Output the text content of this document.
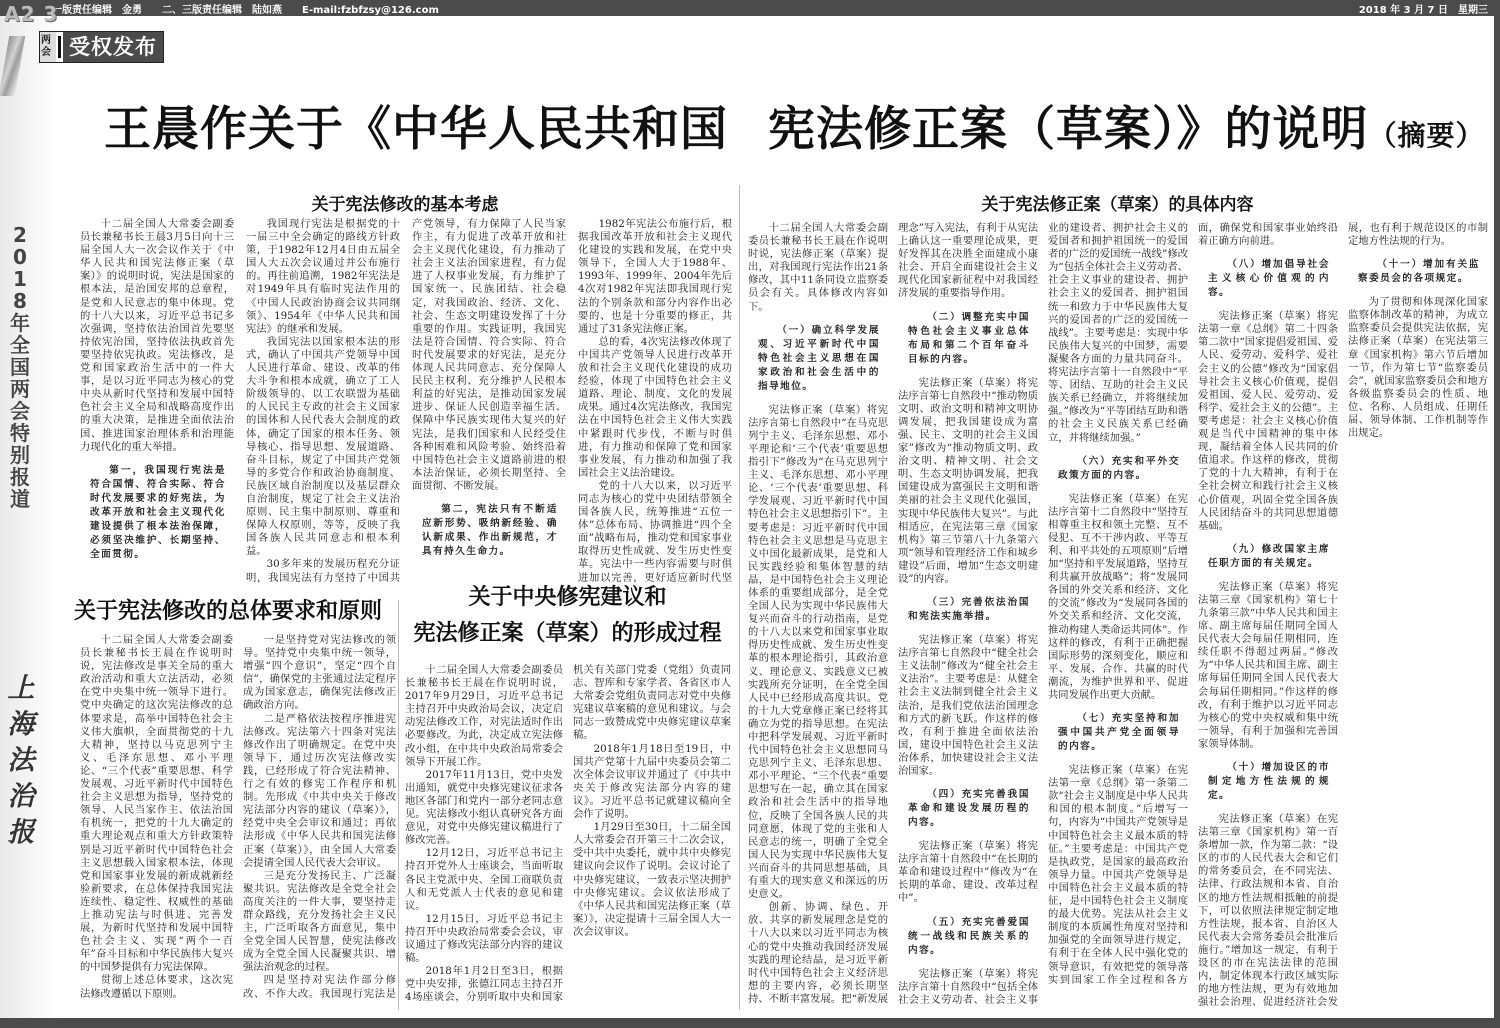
一版责任编辑　金勇　　二、三版责任编辑　陆如燕　　E-mail:fzbfzsy@126.com	2018 年 3 月 7 日　星期三
2018年全国两会特别报道
上海法治报
A2 3
两会 受权发布
王晨作关于《中华人民共和国 宪法修正案（草案）》的说明（摘要）
关于宪法修改的基本考虑

十二届全国人大常委会副委员长兼秘书长王晨3月5日向十三届全国人大一次会议作关于《中华人民共和国宪法修正案（草案）》的说明时说，宪法是国家的根本法，是治国安邦的总章程，是党和人民意志的集中体现。党的十八大以来，习近平总书记多次强调，坚持依法治国首先要坚持依宪治国，坚持依法执政首先要坚持依宪执政。宪法修改，是党和国家政治生活中的一件大事，是以习近平同志为核心的党中央从新时代坚持和发展中国特色社会主义全局和战略高度作出的重大决策，是推进全面依法治国、推进国家治理体系和治理能力现代化的重大举措。

第一，我国现行宪法是符合国情、符合实际、符合时代发展要求的好宪法，为改革开放和社会主义现代化建设提供了根本法治保障，必须坚决维护、长期坚持、全面贯彻。

我国现行宪法是根据党的十一届三中全会确定的路线方针政策，于1982年12月4日由五届全国人大五次会议通过并公布施行的。再往前追溯，1982年宪法是对1949年具有临时宪法作用的《中国人民政治协商会议共同纲领》、1954年《中华人民共和国宪法》的继承和发展。

我国宪法以国家根本法的形式，确认了中国共产党领导中国人民进行革命、建设、改革的伟大斗争和根本成就，确立了工人阶级领导的、以工农联盟为基础的人民民主专政的社会主义国家的国体和人民代表大会制度的政体，确定了国家的根本任务、领导核心、指导思想、发展道路、奋斗目标，规定了中国共产党领导的多党合作和政治协商制度、民族区域自治制度以及基层群众自治制度，规定了社会主义法治原则、民主集中制原则、尊重和保障人权原则，等等，反映了我国各族人民共同意志和根本利益。

30多年来的发展历程充分证明，我国宪法有力坚持了中国共产党领导，有力保障了人民当家作主，有力促进了改革开放和社会主义现代化建设，有力推动了社会主义法治国家进程，有力促进了人权事业发展，有力维护了国家统一、民族团结、社会稳定，对我国政治、经济、文化、社会、生态文明建设发挥了十分重要的作用。实践证明，我国宪法是符合国情、符合实际、符合时代发展要求的好宪法，是充分体现人民共同意志、充分保障人民民主权利、充分维护人民根本利益的好宪法，是推动国家发展进步、保证人民创造幸福生活、保障中华民族实现伟大复兴的好宪法，是我们国家和人民经受住各种困难和风险考验、始终沿着中国特色社会主义道路前进的根本法治保证，必须长期坚持、全面贯彻、不断发展。

第二，宪法只有不断适应新形势、吸纳新经验、确认新成果、作出新规范，才具有持久生命力。

1982年宪法公布施行后，根据我国改革开放和社会主义现代化建设的实践和发展，在党中央领导下，全国人大于1988年、1993年、1999年、2004年先后4次对1982年宪法即我国现行宪法的个别条款和部分内容作出必要的、也是十分重要的修正，共通过了31条宪法修正案。

总的看，4次宪法修改体现了中国共产党领导人民进行改革开放和社会主义现代化建设的成功经验，体现了中国特色社会主义道路、理论、制度、文化的发展成果。通过4次宪法修改，我国宪法在中国特色社会主义伟大实践中紧跟时代步伐，不断与时俱进，有力推动和保障了党和国家事业发展，有力推动和加强了我国社会主义法治建设。

党的十八大以来，以习近平同志为核心的党中央团结带领全国各族人民，统筹推进“五位一体”总体布局、协调推进“四个全面”战略布局，推动党和国家事业取得历史性成就、发生历史性变革。宪法中一些内容需要与时俱进加以完善，更好适应新时代坚

关于宪法修改的总体要求和原则

十二届全国人大常委会副委员长兼秘书长王晨在作说明时说，宪法修改是事关全局的重大政治活动和重大立法活动，必须在党中央集中统一领导下进行。党中央确定的这次宪法修改的总体要求是，高举中国特色社会主义伟大旗帜，全面贯彻党的十九大精神，坚持以马克思列宁主义、毛泽东思想、邓小平理论、“三个代表”重要思想、科学发展观、习近平新时代中国特色社会主义思想为指导，坚持党的领导、人民当家作主、依法治国有机统一，把党的十九大确定的重大理论观点和重大方针政策特别是习近平新时代中国特色社会主义思想载入国家根本法，体现党和国家事业发展的新成就新经验新要求，在总体保持我国宪法连续性、稳定性、权威性的基础上推动宪法与时俱进、完善发展，为新时代坚持和发展中国特色社会主义、实现“两个一百年”奋斗目标和中华民族伟大复兴的中国梦提供有力宪法保障。

贯彻上述总体要求，这次宪法修改遵循以下原则。

一是坚持党对宪法修改的领导。坚持党中央集中统一领导，增强“四个意识”，坚定“四个自信”，确保党的主张通过法定程序成为国家意志，确保宪法修改正确政治方向。

二是严格依法按程序推进宪法修改。宪法第六十四条对宪法修改作出了明确规定。在党中央领导下，通过历次宪法修改实践，已经形成了符合宪法精神、行之有效的修宪工作程序和机制。先形成《中共中央关于修改宪法部分内容的建议（草案）》，经党中央全会审议和通过；再依法形成《中华人民共和国宪法修正案（草案）》，由全国人大常委会提请全国人民代表大会审议。

三是充分发扬民主、广泛凝聚共识。宪法修改是全党全社会高度关注的一件大事，要坚持走群众路线，充分发扬社会主义民主，广泛听取各方面意见，集中全党全国人民智慧，使宪法修改成为全党全国人民凝聚共识、增强法治观念的过程。

四是坚持对宪法作部分修改、不作大改。我国现行宪法是

关于中央修宪建议和
宪法修正案（草案）的形成过程

十二届全国人大常委会副委员长兼秘书长王晨在作说明时说，2017年9月29日，习近平总书记主持召开中央政治局会议，决定启动宪法修改工作，对宪法适时作出必要修改。为此，决定成立宪法修改小组，在中共中央政治局常委会领导下开展工作。

2017年11月13日，党中央发出通知，就党中央修宪建议征求各地区各部门和党内一部分老同志意见。宪法修改小组认真研究各方面意见，对党中央修宪建议稿进行了修改完善。

12月12日，习近平总书记主持召开党外人士座谈会，当面听取各民主党派中央、全国工商联负责人和无党派人士代表的意见和建议。

12月15日，习近平总书记主持召开中央政治局常委会会议，审议通过了修改宪法部分内容的建议稿。

2018年1月2日至3日，根据党中央安排，张德江同志主持召开4场座谈会，分别听取中央和国家机关有关部门党委（党组）负责同志、智库和专家学者、各省区市人大常委会党组负责同志对党中央修宪建议草案稿的意见和建议。与会同志一致赞成党中央修宪建议草案稿。

2018年1月18日至19日，中国共产党第十九届中央委员会第二次全体会议审议并通过了《中共中央关于修改宪法部分内容的建议》。习近平总书记就建议稿向全会作了说明。

1月29日至30日，十二届全国人大常委会召开第三十二次会议，受中共中央委托，就中共中央修宪建议向会议作了说明。会议讨论了中央修宪建议，一致表示坚决拥护中央修宪建议。会议依法形成了《中华人民共和国宪法修正案（草案）》，决定提请十三届全国人大一次会议审议。

关于宪法修正案（草案）的具体内容

十二届全国人大常委会副委员长兼秘书长王晨在作说明时说，宪法修正案（草案）提出，对我国现行宪法作出21条修改，其中11条同设立监察委员会有关。具体修改内容如下。

（一）确立科学发展观、习近平新时代中国特色社会主义思想在国家政治和社会生活中的指导地位。

宪法修正案（草案）将宪法序言第七自然段中“在马克思列宁主义、毛泽东思想、邓小平理论和‘三个代表’重要思想指引下”修改为“在马克思列宁主义、毛泽东思想、邓小平理论、‘三个代表’重要思想、科学发展观、习近平新时代中国特色社会主义思想指引下”。主要考虑是：习近平新时代中国特色社会主义思想是马克思主义中国化最新成果，是党和人民实践经验和集体智慧的结晶，是中国特色社会主义理论体系的重要组成部分，是全党全国人民为实现中华民族伟大复兴而奋斗的行动指南，是党的十八大以来党和国家事业取得历史性成就、发生历史性变革的根本理论指引，其政治意义、理论意义、实践意义已被实践所充分证明，在全党全国人民中已经形成高度共识。党的十九大党章修正案已经将其确立为党的指导思想。在宪法中把科学发展观、习近平新时代中国特色社会主义思想同马克思列宁主义、毛泽东思想、邓小平理论、“三个代表”重要思想写在一起，确立其在国家政治和社会生活中的指导地位，反映了全国各族人民的共同意愿，体现了党的主张和人民意志的统一，明确了全党全国人民为实现中华民族伟大复兴而奋斗的共同思想基础，具有重大的现实意义和深远的历史意义。

创新、协调、绿色、开放、共享的新发展理念是党的十八大以来以习近平同志为核心的党中央推动我国经济发展实践的理论结晶，是习近平新时代中国特色社会主义经济思想的主要内容，必须长期坚持、不断丰富发展。把“新发展理念”写入宪法，有利于从宪法上确认这一重要理论成果，更好发挥其在决胜全面建成小康社会、开启全面建设社会主义现代化国家新征程中对我国经济发展的重要指导作用。

（二）调整充实中国特色社会主义事业总体布局和第二个百年奋斗目标的内容。

宪法修正案（草案）将宪法序言第七自然段中“推动物质文明、政治文明和精神文明协调发展，把我国建设成为富强、民主、文明的社会主义国家”修改为“推动物质文明、政治文明、精神文明、社会文明、生态文明协调发展，把我国建设成为富强民主文明和谐美丽的社会主义现代化强国，实现中华民族伟大复兴”。与此相适应，在宪法第三章《国家机构》第三节第八十九条第六项“领导和管理经济工作和城乡建设”后面，增加“生态文明建设”的内容。

（三）完善依法治国和宪法实施举措。

宪法修正案（草案）将宪法序言第七自然段中“健全社会主义法制”修改为“健全社会主义法治”。主要考虑是：从健全社会主义法制到健全社会主义法治，是我们党依法治国理念和方式的新飞跃。作这样的修改，有利于推进全面依法治国，建设中国特色社会主义法治体系，加快建设社会主义法治国家。

（四）充实完善我国革命和建设发展历程的内容。

宪法修正案（草案）将宪法序言第十自然段中“在长期的革命和建设过程中”修改为“在长期的革命、建设、改革过程中”。

（五）充实完善爱国统一战线和民族关系的内容。

宪法修正案（草案）将宪法序言第十自然段中“包括全体社会主义劳动者、社会主义事业的建设者、拥护社会主义的爱国者和拥护祖国统一的爱国者的广泛的爱国统一战线”修改为“包括全体社会主义劳动者、社会主义事业的建设者、拥护社会主义的爱国者、拥护祖国统一和致力于中华民族伟大复兴的爱国者的广泛的爱国统一战线”。主要考虑是：实现中华民族伟大复兴的中国梦，需要凝聚各方面的力量共同奋斗。将宪法序言第十一自然段中“平等、团结、互助的社会主义民族关系已经确立，并将继续加强。”修改为“平等团结互助和谐的社会主义民族关系已经确立，并将继续加强。”

（六）充实和平外交政策方面的内容。

宪法修正案（草案）在宪法序言第十二自然段中“坚持互相尊重主权和领土完整、互不侵犯、互不干涉内政、平等互利、和平共处的五项原则”后增加“坚持和平发展道路，坚持互利共赢开放战略”；将“发展同各国的外交关系和经济、文化的交流”修改为“发展同各国的外交关系和经济、文化交流，推动构建人类命运共同体”。作这样的修改，有利于正确把握国际形势的深刻变化，顺应和平、发展、合作、共赢的时代潮流，为维护世界和平、促进共同发展作出更大贡献。

（七）充实坚持和加强中国共产党全面领导的内容。

宪法修正案（草案）在宪法第一章《总纲》第一条第二款“社会主义制度是中华人民共和国的根本制度。”后增写一句，内容为“中国共产党领导是中国特色社会主义最本质的特征。”主要考虑是：中国共产党是执政党，是国家的最高政治领导力量。中国共产党领导是中国特色社会主义最本质的特征，是中国特色社会主义制度的最大优势。宪法从社会主义制度的本质属性角度对坚持和加强党的全面领导进行规定，有利于在全体人民中强化党的领导意识，有效把党的领导落实到国家工作全过程和各方面，确保党和国家事业始终沿着正确方向前进。

（八）增加倡导社会主义核心价值观的内容。

宪法修正案（草案）将宪法第一章《总纲》第二十四条第二款中“国家提倡爱祖国、爱人民、爱劳动、爱科学、爱社会主义的公德”修改为“国家倡导社会主义核心价值观，提倡爱祖国、爱人民、爱劳动、爱科学、爱社会主义的公德”。主要考虑是：社会主义核心价值观是当代中国精神的集中体现，凝结着全体人民共同的价值追求。作这样的修改，贯彻了党的十九大精神，有利于在全社会树立和践行社会主义核心价值观，巩固全党全国各族人民团结奋斗的共同思想道德基础。

（九）修改国家主席任职方面的有关规定。

宪法修正案（草案）将宪法第三章《国家机构》第七十九条第三款“中华人民共和国主席、副主席每届任期同全国人民代表大会每届任期相同，连续任职不得超过两届。”修改为“中华人民共和国主席、副主席每届任期同全国人民代表大会每届任期相同。”作这样的修改，有利于维护以习近平同志为核心的党中央权威和集中统一领导，有利于加强和完善国家领导体制。

（十）增加设区的市制定地方性法规的规定。

宪法修正案（草案）在宪法第三章《国家机构》第一百条增加一款，作为第二款：“设区的市的人民代表大会和它们的常务委员会，在不同宪法、法律、行政法规和本省、自治区的地方性法规相抵触的前提下，可以依照法律规定制定地方性法规，报本省、自治区人民代表大会常务委员会批准后施行。”增加这一规定，有利于设区的市在宪法法律的范围内，制定体现本行政区域实际的地方性法规，更为有效地加强社会治理、促进经济社会发展，也有利于规范设区的市制定地方性法规的行为。

（十一）增加有关监察委员会的各项规定。

为了贯彻和体现深化国家监察体制改革的精神，为成立监察委员会提供宪法依据，宪法修正案（草案）在宪法第三章《国家机构》第六节后增加一节，作为第七节“监察委员会”，就国家监察委员会和地方各级监察委员会的性质、地位、名称、人员组成、任期任届、领导体制、工作机制等作出规定。
